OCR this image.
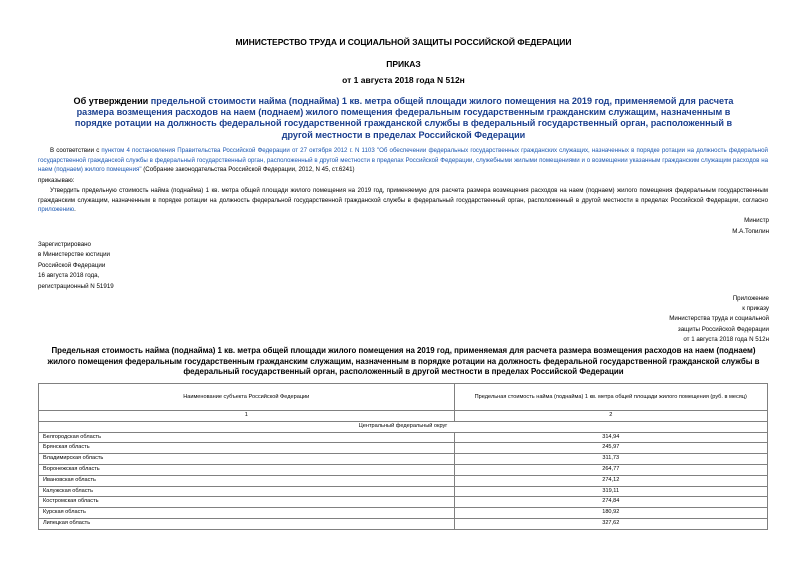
МИНИСТЕРСТВО ТРУДА И СОЦИАЛЬНОЙ ЗАЩИТЫ РОССИЙСКОЙ ФЕДЕРАЦИИ
ПРИКАЗ
от 1 августа 2018 года N 512н
Об утверждении предельной стоимости найма (поднайма) 1 кв. метра общей площади жилого помещения на 2019 год, применяемой для расчета размера возмещения расходов на наем (поднаем) жилого помещения федеральным государственным гражданским служащим, назначенным в порядке ротации на должность федеральной государственной гражданской службы в федеральный государственный орган, расположенный в другой местности в пределах Российской Федерации
В соответствии с пунктом 4 постановления Правительства Российской Федерации от 27 октября 2012 г. N 1103 "Об обеспечении федеральных государственных гражданских служащих, назначенных в порядке ротации на должность федеральной государственной гражданской службы в федеральный государственный орган, расположенный в другой местности в пределах Российской Федерации, служебными жилыми помещениями и о возмещении указанным гражданским служащим расходов на наем (поднаем) жилого помещения" (Собрание законодательства Российской Федерации, 2012, N 45, ст.6241)
приказываю:
Утвердить предельную стоимость найма (поднайма) 1 кв. метра общей площади жилого помещения на 2019 год, применяемую для расчета размера возмещения расходов на наем (поднаем) жилого помещения федеральным государственным гражданским служащим, назначенным в порядке ротации на должность федеральной государственной гражданской службы в федеральный государственный орган, расположенный в другой местности в пределах Российской Федерации, согласно приложению.
Министр
М.А.Топилин
Зарегистрировано
в Министерстве юстиции
Российской Федерации
16 августа 2018 года,
регистрационный N 51919
Приложение
к приказу
Министерства труда и социальной
защиты Российской Федерации
от 1 августа 2018 года N 512н
Предельная стоимость найма (поднайма) 1 кв. метра общей площади жилого помещения на 2019 год, применяемая для расчета размера возмещения расходов на наем (поднаем) жилого помещения федеральным государственным гражданским служащим, назначенным в порядке ротации на должность федеральной государственной гражданской службы в федеральный государственный орган, расположенный в другой местности в пределах Российской Федерации
Наименование субъекта Российской Федерации	Предельная стоимость найма (поднайма) 1 кв. метра общей площади жилого помещения (руб. в месяц)
1	2
Центральный федеральный округ	
Белгородская область	314,94
Брянская область	245,97
Владимирская область	311,73
Воронежская область	264,77
Ивановская область	274,12
Калужская область	319,11
Костромская область	274,84
Курская область	180,92
Липецкая область	327,62
